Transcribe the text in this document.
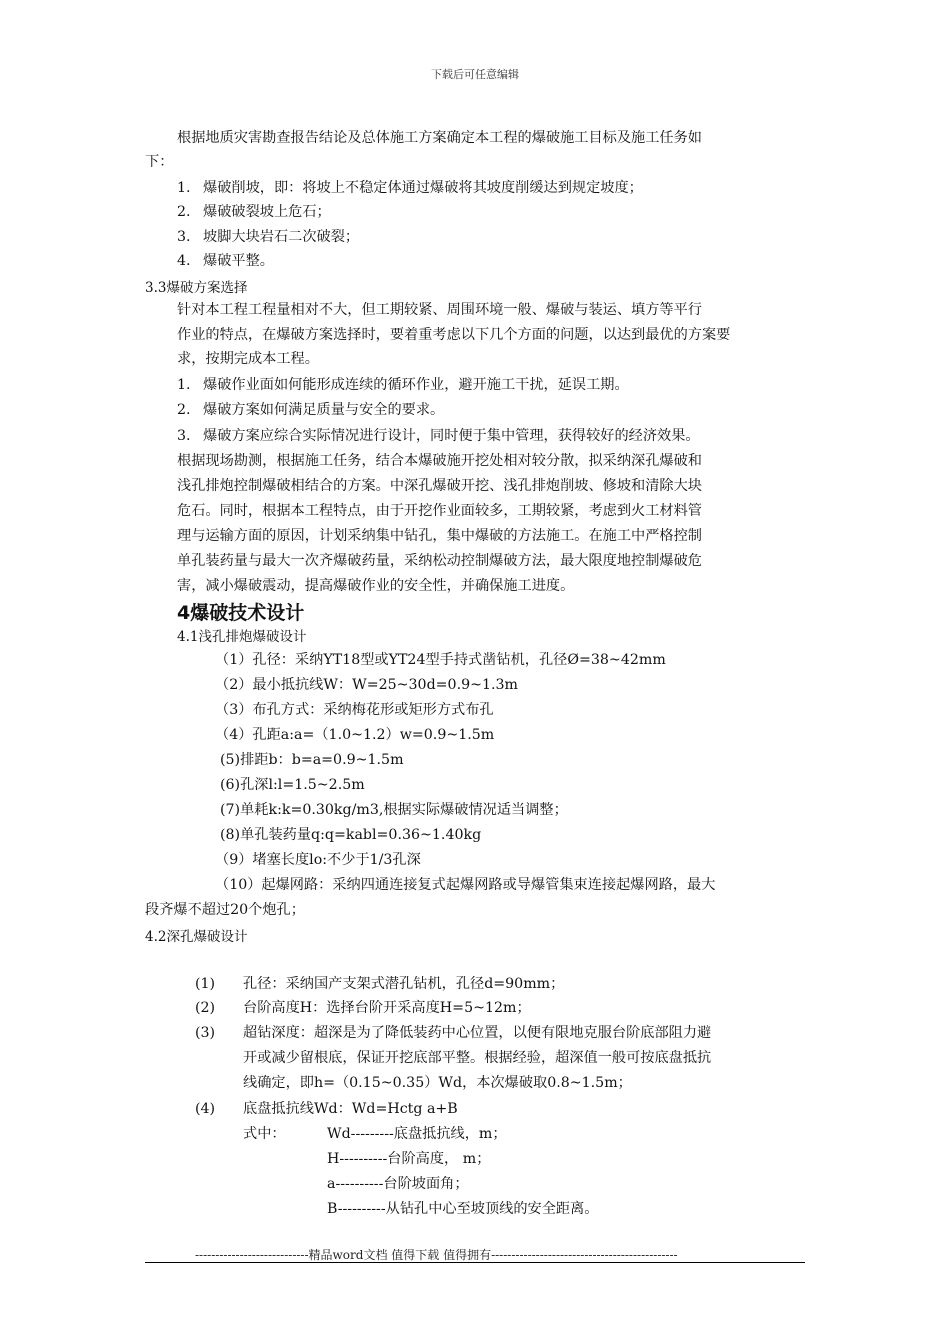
下载后可任意编辑
根据地质灾害勘查报告结论及总体施工方案确定本工程的爆破施工目标及施工任务如
下：
1. 爆破削坡，即：将坡上不稳定体通过爆破将其坡度削缓达到规定坡度；
2. 爆破破裂坡上危石；
3. 坡脚大块岩石二次破裂；
4. 爆破平整。
3.3爆破方案选择
针对本工程工程量相对不大，但工期较紧、周围环境一般、爆破与装运、填方等平行
作业的特点，在爆破方案选择时，要着重考虑以下几个方面的问题，以达到最优的方案要
求，按期完成本工程。
1. 爆破作业面如何能形成连续的循环作业，避开施工干扰，延误工期。
2. 爆破方案如何满足质量与安全的要求。
3. 爆破方案应综合实际情况进行设计，同时便于集中管理，获得较好的经济效果。
根据现场勘测，根据施工任务，结合本爆破施开挖处相对较分散，拟采纳深孔爆破和
浅孔排炮控制爆破相结合的方案。中深孔爆破开挖、浅孔排炮削坡、修坡和清除大块
危石。同时，根据本工程特点，由于开挖作业面较多，工期较紧，考虑到火工材料管
理与运输方面的原因，计划采纳集中钻孔，集中爆破的方法施工。在施工中严格控制
单孔装药量与最大一次齐爆破药量，采纳松动控制爆破方法，最大限度地控制爆破危
害，减小爆破震动，提高爆破作业的安全性，并确保施工进度。
4爆破技术设计
4.1浅孔排炮爆破设计
（1）孔径：采纳YT18型或YT24型手持式凿钻机，孔径Ø=38~42mm
（2）最小抵抗线W：W=25~30d=0.9~1.3m
（3）布孔方式：采纳梅花形或矩形方式布孔
（4）孔距a:a=（1.0~1.2）w=0.9~1.5m
(5)排距b：b=a=0.9~1.5m
(6)孔深l:l=1.5~2.5m
(7)单耗k:k=0.30kg/m3,根据实际爆破情况适当调整；
(8)单孔装药量q:q=kabl=0.36~1.40kg
（9）堵塞长度lo:不少于1/3孔深
（10）起爆网路：采纳四通连接复式起爆网路或导爆管集束连接起爆网路，最大
段齐爆不超过20个炮孔；
4.2深孔爆破设计
(1) 孔径：采纳国产支架式潜孔钻机，孔径d=90mm；
(2) 台阶高度H：选择台阶开采高度H=5~12m；
(3) 超钻深度：超深是为了降低装药中心位置，以便有限地克服台阶底部阻力避
开或减少留根底，保证开挖底部平整。根据经验，超深值一般可按底盘抵抗
线确定，即h=（0.15~0.35）Wd，本次爆破取0.8~1.5m；
(4) 底盘抵抗线Wd：Wd=Hctg a+B
式中：	Wd---------底盘抵抗线，m；
H----------台阶高度， m；
a----------台阶坡面角；
B----------从钻孔中心至坡顶线的安全距离。
----------------------------精品word文档 值得下载 值得拥有----------------------------------------------
